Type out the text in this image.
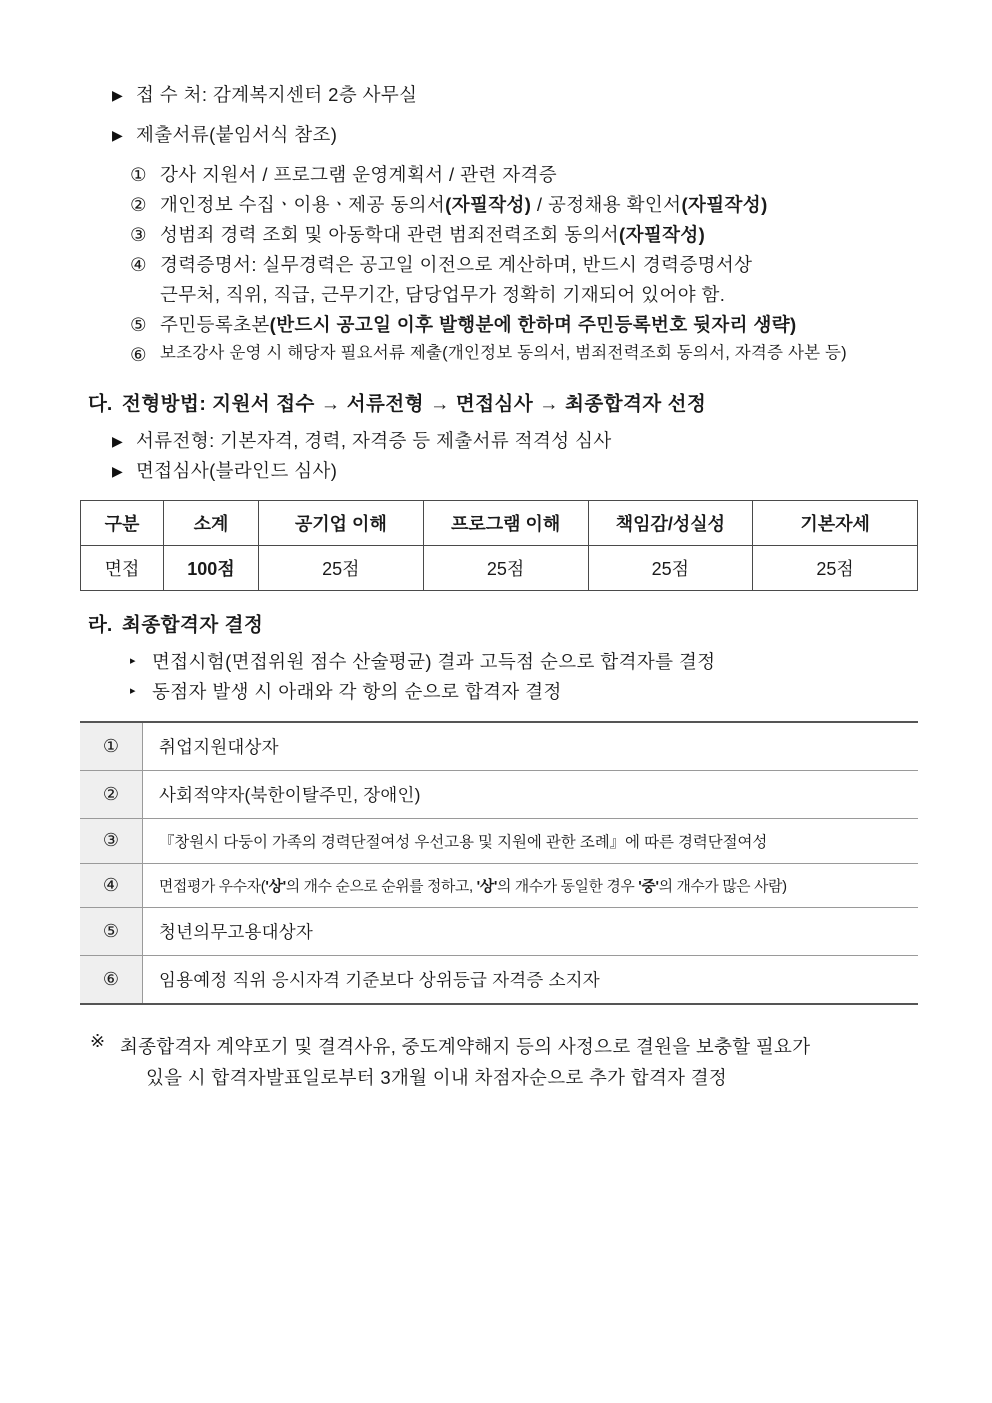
▶ 접 수 처: 감계복지센터 2층 사무실
▶ 제출서류(붙임서식 참조)
① 강사 지원서 / 프로그램 운영계획서 / 관련 자격증
② 개인정보 수집ㆍ이용ㆍ제공 동의서(자필작성) / 공정채용 확인서(자필작성)
③ 성범죄 경력 조회 및 아동학대 관련 범죄전력조회 동의서(자필작성)
④ 경력증명서: 실무경력은 공고일 이전으로 계산하며, 반드시 경력증명서상
근무처, 직위, 직급, 근무기간, 담당업무가 정확히 기재되어 있어야 함.
⑤ 주민등록초본(반드시 공고일 이후 발행분에 한하며 주민등록번호 뒷자리 생략)
⑥ 보조강사 운영 시 해당자 필요서류 제출(개인정보 동의서, 범죄전력조회 동의서, 자격증 사본 등)
다. 전형방법: 지원서 접수 → 서류전형 → 면접심사 → 최종합격자 선정
▶ 서류전형: 기본자격, 경력, 자격증 등 제출서류 적격성 심사
▶ 면접심사(블라인드 심사)
구분	소계	공기업 이해	프로그램 이해	책임감/성실성	기본자세
면접	100점	25점	25점	25점	25점
라. 최종합격자 결정
▸ 면접시험(면접위원 점수 산술평균) 결과 고득점 순으로 합격자를 결정
▸ 동점자 발생 시 아래와 각 항의 순으로 합격자 결정
①	취업지원대상자
②	사회적약자(북한이탈주민, 장애인)
③	『창원시 다둥이 가족의 경력단절여성 우선고용 및 지원에 관한 조례』에 따른 경력단절여성
④	면접평가 우수자('상'의 개수 순으로 순위를 정하고, '상'의 개수가 동일한 경우 '중'의 개수가 많은 사람)
⑤	청년의무고용대상자
⑥	임용예정 직위 응시자격 기준보다 상위등급 자격증 소지자
※ 최종합격자 계약포기 및 결격사유, 중도계약해지 등의 사정으로 결원을 보충할 필요가
있을 시 합격자발표일로부터 3개월 이내 차점자순으로 추가 합격자 결정
